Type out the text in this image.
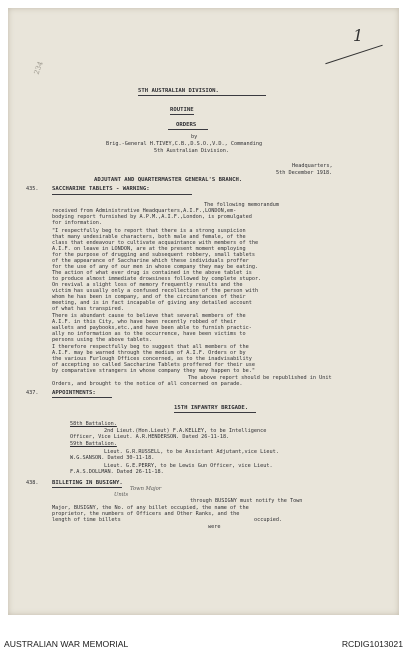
1
234
5TH AUSTRALIAN DIVISION.
ROUTINE
ORDERS
by
Brig.-General H.TIVEY,C.B.,D.S.O.,V.D., Commanding
5th Australian Division.
Headquarters,
5th December 1918.
ADJUTANT AND QUARTERMASTER GENERAL'S BRANCH.
435. SACCHARINE TABLETS - WARNING:
The following memorandum
received from Administrative Headquarters,A.I.F.,LONDON,em-
bodying report furnished by A.P.M.,A.I.F.,London, is promulgated
for information.
"I respectfully beg to report that there is a strong suspicion
that many undesirable characters, both male and female, of the
class that endeavour to cultivate acquaintance with members of the
A.I.F. on leave in LONDON, are at the present moment employing
for the purpose of drugging and subsequent robbery, small tablets
of the appearance of Saccharine which these individuals proffer
for the use of any of our men in whose company they may be eating.
The action of what ever drug is contained in the above tablet is
to produce almost immediate drowsiness followed by complete stupor.
On revival a slight loss of memory frequently results and the
victim has usually only a confused recollection of the person with
whom he has been in company, and of the circumstances of their
meeting, and is in fact incapable of giving any detailed account
of what has transpired.
There is abundant cause to believe that several members of the
A.I.F. in this City, who have been recently robbed of their
wallets and paybooks,etc.,and have been able to furnish practic-
ally no information as to the occurrence, have been victims to
persons using the above tablets.
I therefore respectfully beg to suggest that all members of the
A.I.F. may be warned through the medium of A.I.F. Orders or by
the various Furlough Offices concerned, as to the inadvisability
of accepting so called Saccharine Tablets proffered for their use
by comparative strangers in whose company they may happen to be."
The above report should be republished in Unit
Orders, and brought to the notice of all concerned on parade.
437. APPOINTMENTS:
15TH INFANTRY BRIGADE.
58th Battalion.
2nd Lieut.(Hon.Lieut) F.A.KELLEY, to be Intelligence
Officer, Vice Lieut. A.R.HENDERSON. Dated 26-11-18.
59th Battalion.
Lieut. G.R.RUSSELL, to be Assistant Adjutant,vice Lieut.
W.G.SANSON. Dated 30-11-18.
Lieut. G.E.PERRY, to be Lewis Gun Officer, vice Lieut.
F.A.S.DOLLMAN. Dated 26-11-18.
438. BILLETING IN BUSIGNY.
Units
Town Major
through BUSIGNY must notify the Town
Major, BUSIGNY, the No. of any billet occupied, the name of the
proprietor, the numbers of Officers and Other Ranks, and the
length of time billets	occupied.
were
AUSTRALIAN WAR MEMORIAL	RCDIG1013021
